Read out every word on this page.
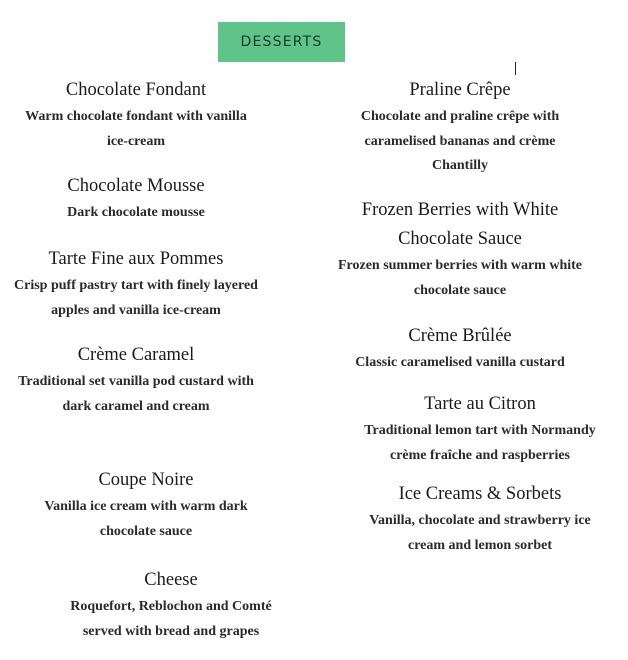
DESSERTS
Chocolate Fondant
Warm chocolate fondant with vanilla
ice-cream
Chocolate Mousse
Dark chocolate mousse
Tarte Fine aux Pommes
Crisp puff pastry tart with finely layered
apples and vanilla ice-cream
Crème Caramel
Traditional set vanilla pod custard with
dark caramel and cream
Coupe Noire
Vanilla ice cream with warm dark
chocolate sauce
Cheese
Roquefort, Reblochon and Comté
served with bread and grapes
Praline Crêpe
Chocolate and praline crêpe with
caramelised bananas and crème
Chantilly
Frozen Berries with White
Chocolate Sauce
Frozen summer berries with warm white
chocolate sauce
Crème Brûlée
Classic caramelised vanilla custard
Tarte au Citron
Traditional lemon tart with Normandy
crème fraîche and raspberries
Ice Creams & Sorbets
Vanilla, chocolate and strawberry ice
cream and lemon sorbet
